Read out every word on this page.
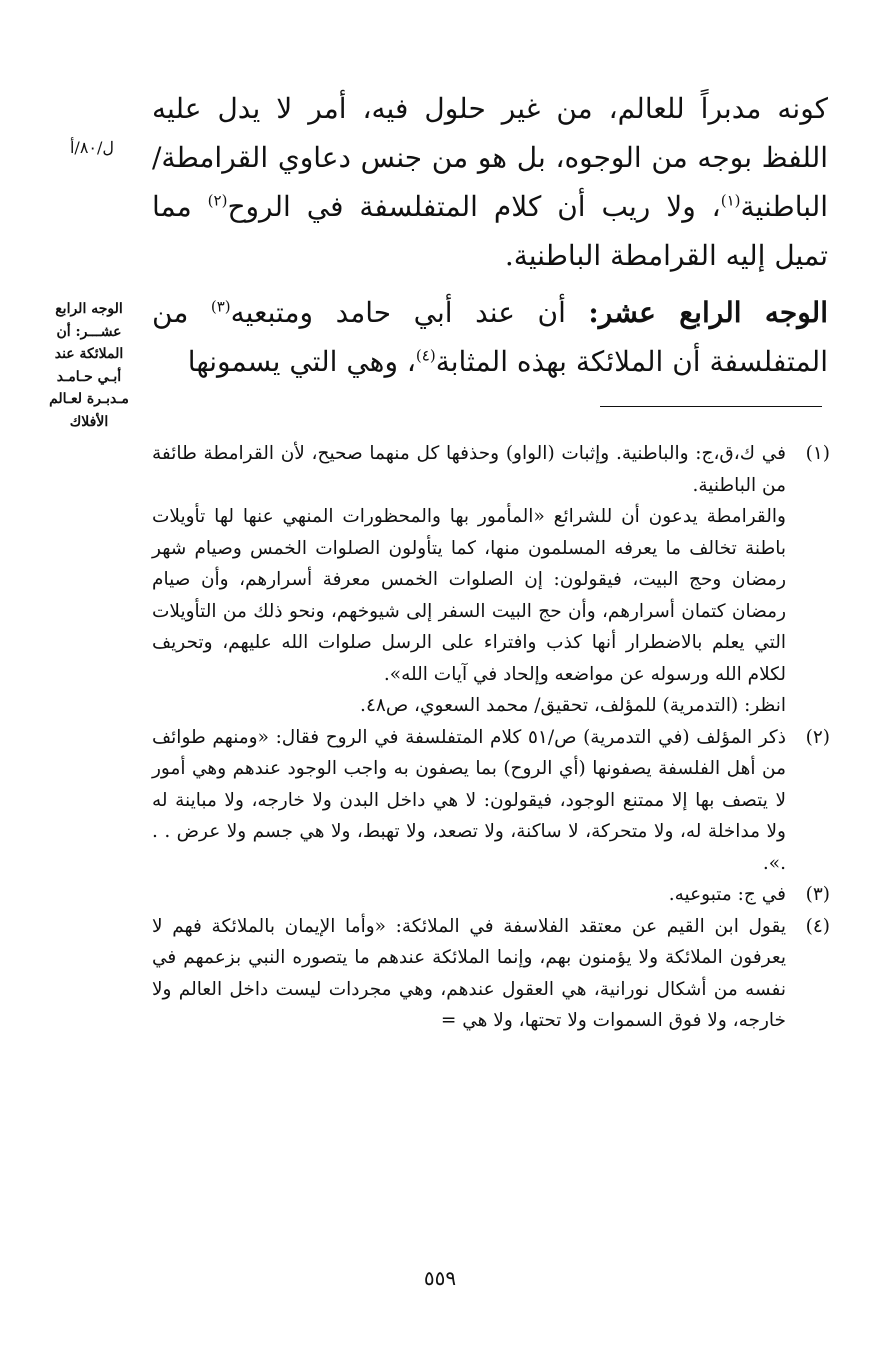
ل/٨٠/أ

كونه مدبراً للعالم، من غير حلول فيه، أمر لا يدل عليه اللفظ بوجه من الوجوه، بل هو من جنس دعاوي القرامطة/ الباطنية$^{(١)}$، ولا ريب أن كلام المتفلسفة في الروح$^{(٢)}$ مما تميل إليه القرامطة الباطنية.

الوجه الرابع
عشـــر: أن
الملائكة عند
أبـي حـامـد
مـدبـرة لعـالم
الأفلاك

الوجه الرابع عشر: أن عند أبي حامد ومتبعيه$^{(٣)}$ من المتفلسفة أن الملائكة بهذه المثابة$^{(٤)}$، وهي التي يسمونها

(١)

في ك،ق،ج: والباطنية. وإثبات (الواو) وحذفها كل منهما صحيح، لأن القرامطة طائفة من الباطنية.

والقرامطة يدعون أن للشرائع «المأمور بها والمحظورات المنهي عنها لها تأويلات باطنة تخالف ما يعرفه المسلمون منها، كما يتأولون الصلوات الخمس وصيام شهر رمضان وحج البيت، فيقولون: إن الصلوات الخمس معرفة أسرارهم، وأن صيام رمضان كتمان أسرارهم، وأن حج البيت السفر إلى شيوخهم، ونحو ذلك من التأويلات التي يعلم بالاضطرار أنها كذب وافتراء على الرسل صلوات الله عليهم، وتحريف لكلام الله ورسوله عن مواضعه وإلحاد في آيات الله».

انظر: (التدمرية) للمؤلف، تحقيق/ محمد السعوي، ص٤٨.

(٢)

ذكر المؤلف (في التدمرية) ص/٥١ كلام المتفلسفة في الروح فقال: «ومنهم طوائف من أهل الفلسفة يصفونها (أي الروح) بما يصفون به واجب الوجود عندهم وهي أمور لا يتصف بها إلا ممتنع الوجود، فيقولون: لا هي داخل البدن ولا خارجه، ولا مباينة له ولا مداخلة له، ولا متحركة، لا ساكنة، ولا تصعد، ولا تهبط، ولا هي جسم ولا عرض . . .».

(٣)

في ج: متبوعيه.

(٤)

يقول ابن القيم عن معتقد الفلاسفة في الملائكة: «وأما الإيمان بالملائكة فهم لا يعرفون الملائكة ولا يؤمنون بهم، وإنما الملائكة عندهم ما يتصوره النبي بزعمهم في نفسه من أشكال نورانية، هي العقول عندهم، وهي مجردات ليست داخل العالم ولا خارجه، ولا فوق السموات ولا تحتها، ولا هي =

٥٥٩
